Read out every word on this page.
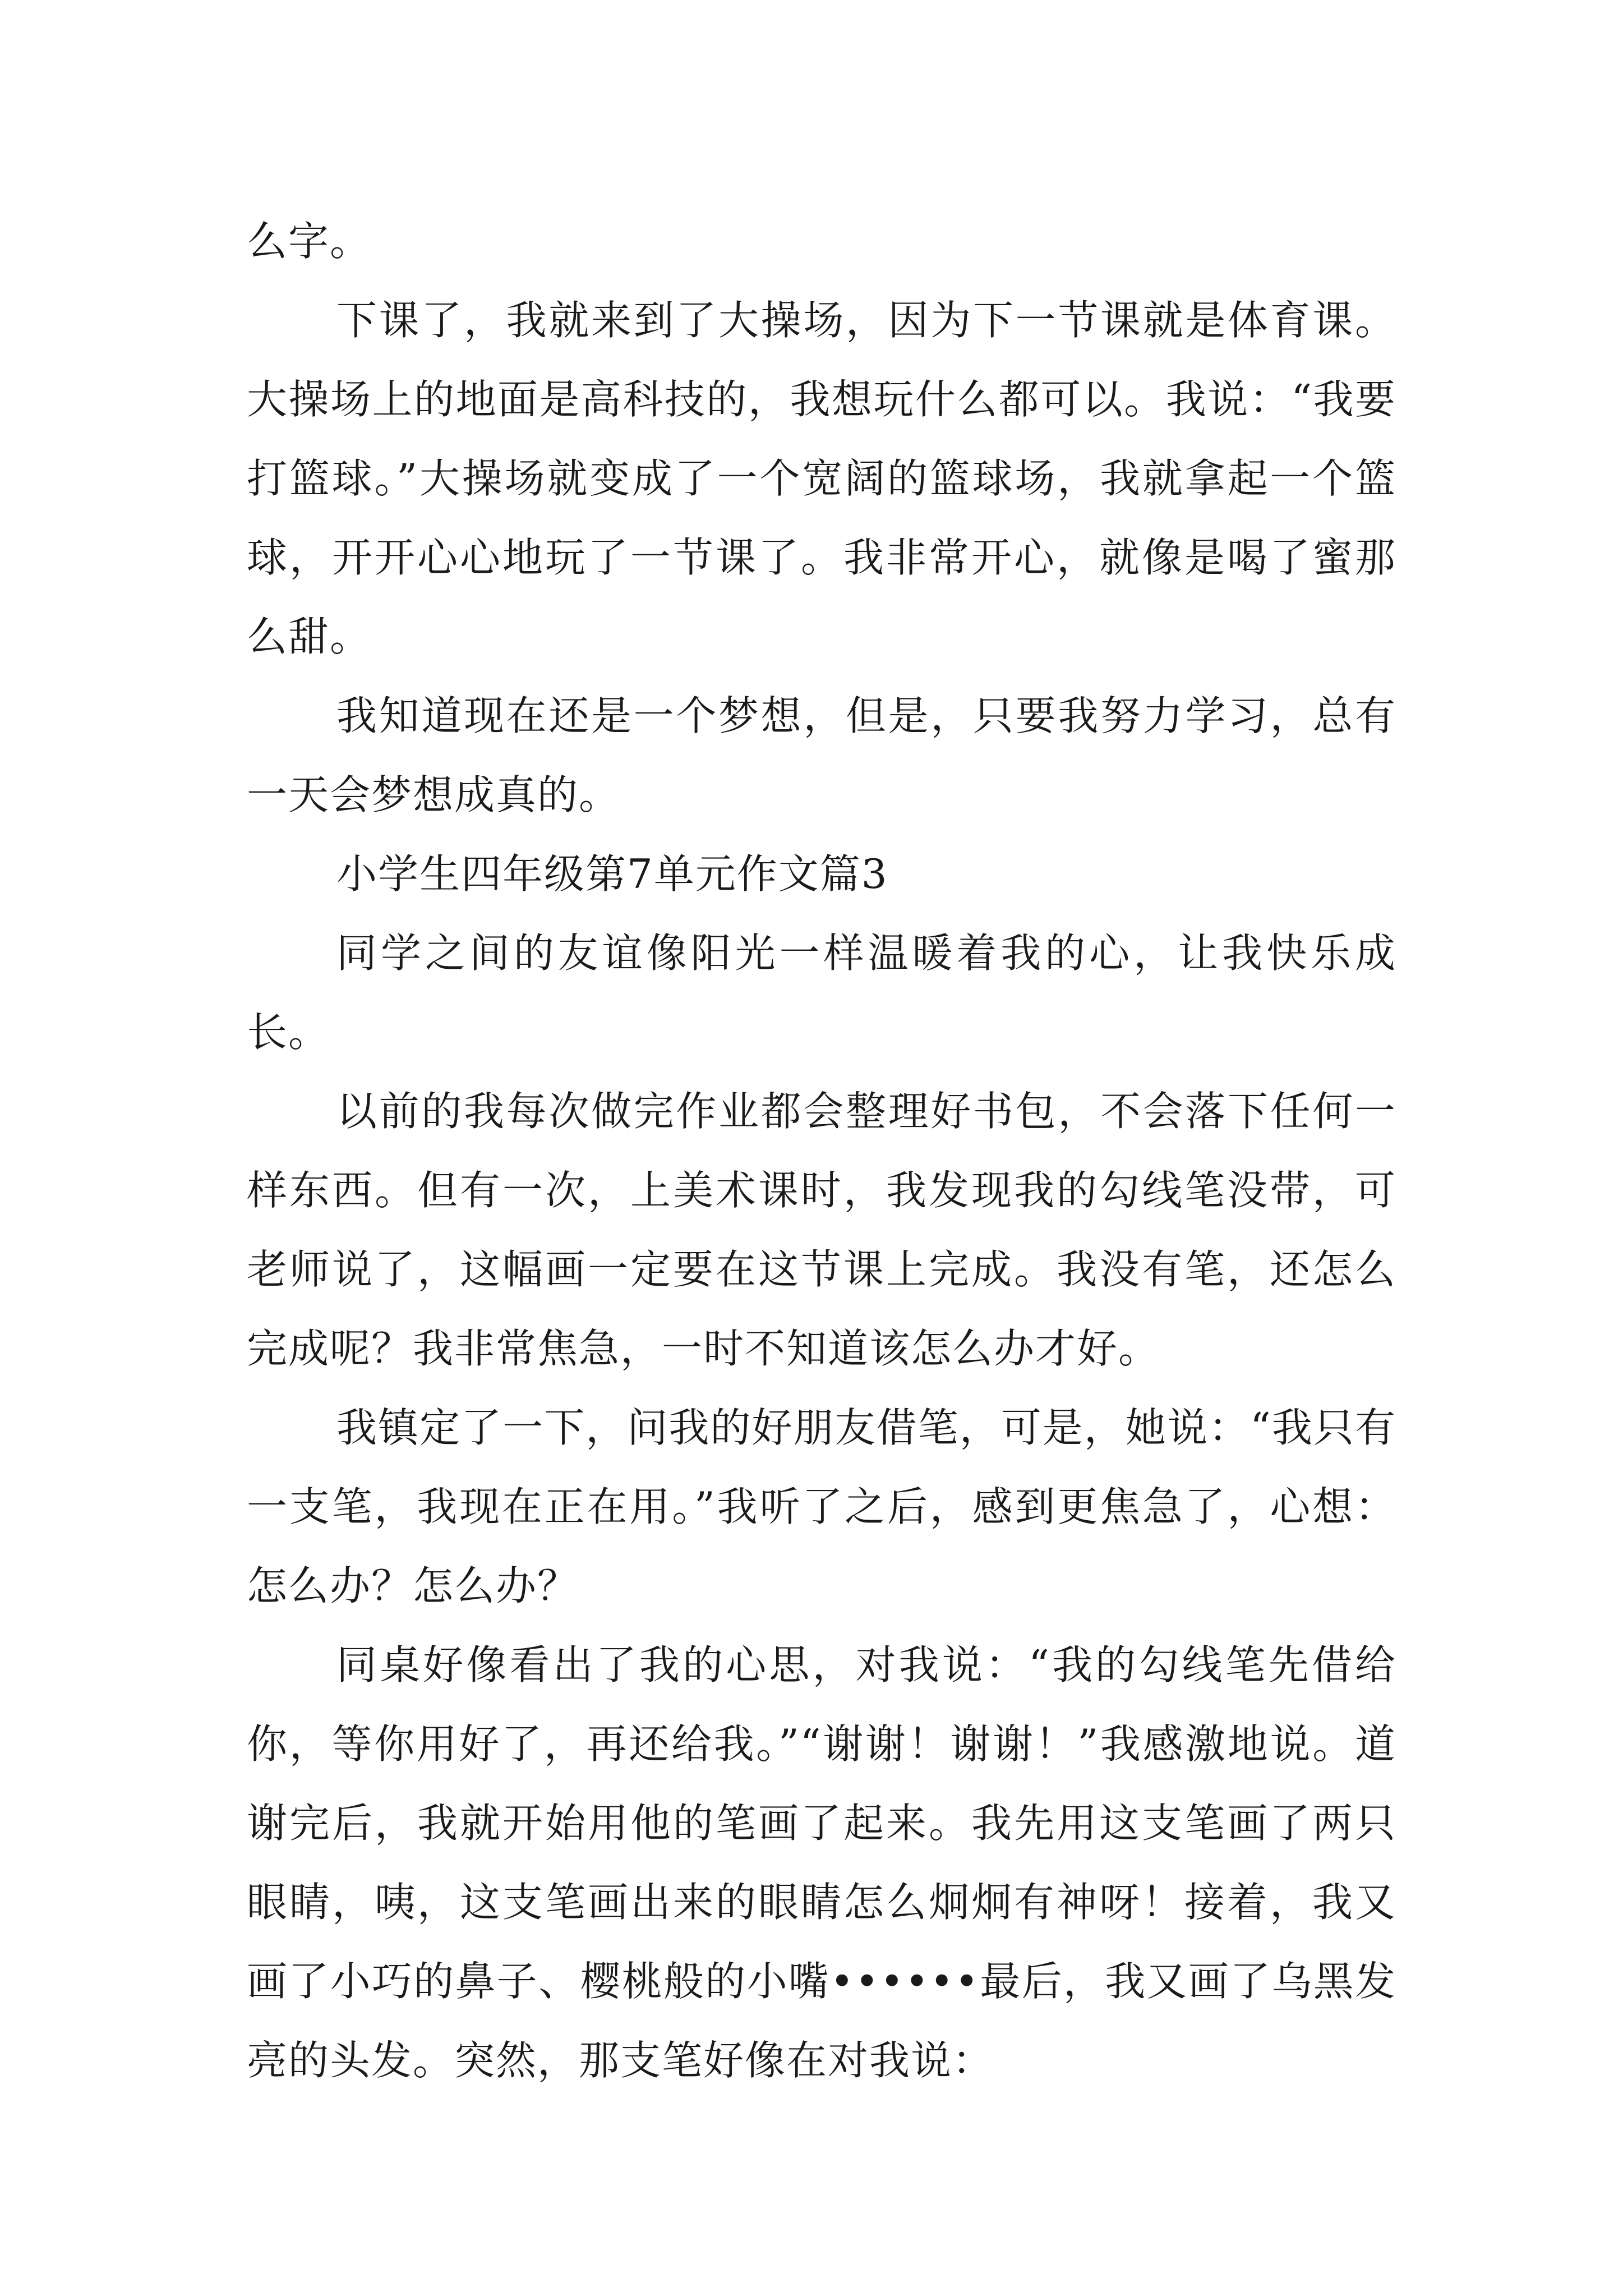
么字。

下课了，我就来到了大操场，因为下一节课就是体育课。大操场上的地面是高科技的，我想玩什么都可以。我说：“我要打篮球。”大操场就变成了一个宽阔的篮球场，我就拿起一个篮球，开开心心地玩了一节课了。我非常开心，就像是喝了蜜那么甜。

我知道现在还是一个梦想，但是，只要我努力学习，总有一天会梦想成真的。

小学生四年级第7单元作文篇3

同学之间的友谊像阳光一样温暖着我的心，让我快乐成长。

以前的我每次做完作业都会整理好书包，不会落下任何一样东西。但有一次，上美术课时，我发现我的勾线笔没带，可老师说了，这幅画一定要在这节课上完成。我没有笔，还怎么完成呢？我非常焦急，一时不知道该怎么办才好。

我镇定了一下，问我的好朋友借笔，可是，她说：“我只有一支笔，我现在正在用。”我听了之后，感到更焦急了，心想：怎么办？怎么办？

同桌好像看出了我的心思，对我说：“我的勾线笔先借给你，等你用好了，再还给我。”“谢谢！谢谢！”我感激地说。道谢完后，我就开始用他的笔画了起来。我先用这支笔画了两只眼睛，咦，这支笔画出来的眼睛怎么炯炯有神呀！接着，我又画了小巧的鼻子、樱桃般的小嘴••••••最后，我又画了乌黑发亮的头发。突然，那支笔好像在对我说：
